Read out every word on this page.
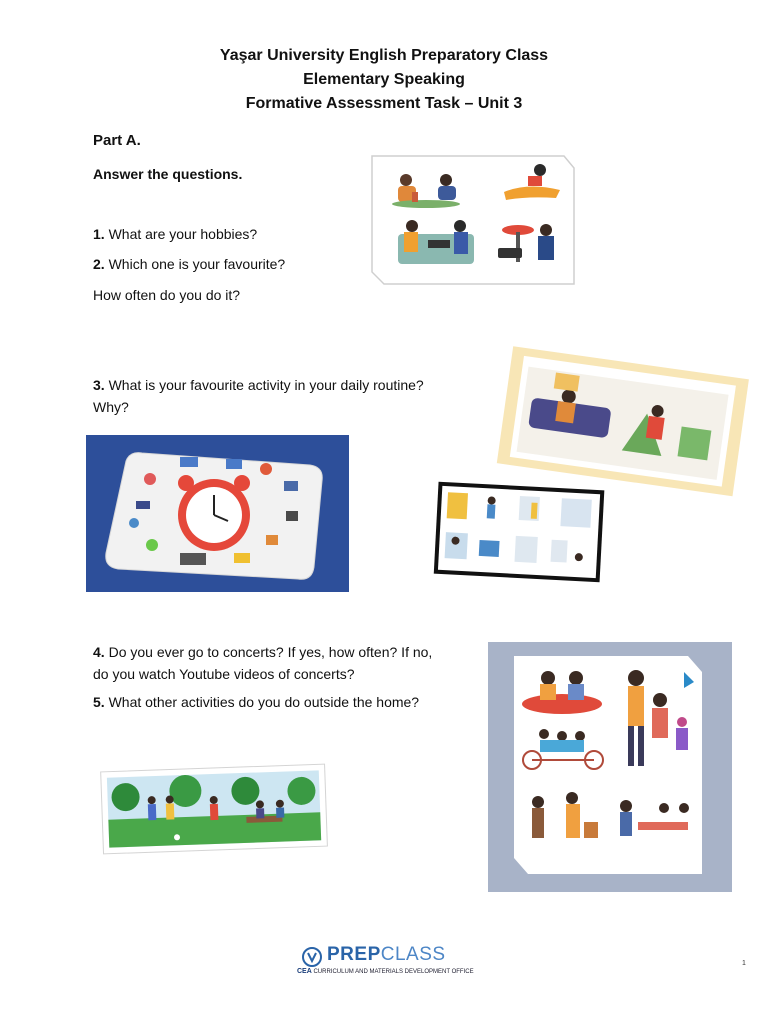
Yaşar University English Preparatory Class
Elementary Speaking
Formative Assessment Task – Unit 3
Part A.
Answer the questions.
1. What are your hobbies?
2. Which one is your favourite?
How often do you do it?
3. What is your favourite activity in your daily routine?
Why?
4. Do you ever go to concerts? If yes, how often? If no,
do you watch Youtube videos of concerts?
5. What other activities do you do outside the home?
PREPCLASS
CEA CURRICULUM AND MATERIALS DEVELOPMENT OFFICE
1
